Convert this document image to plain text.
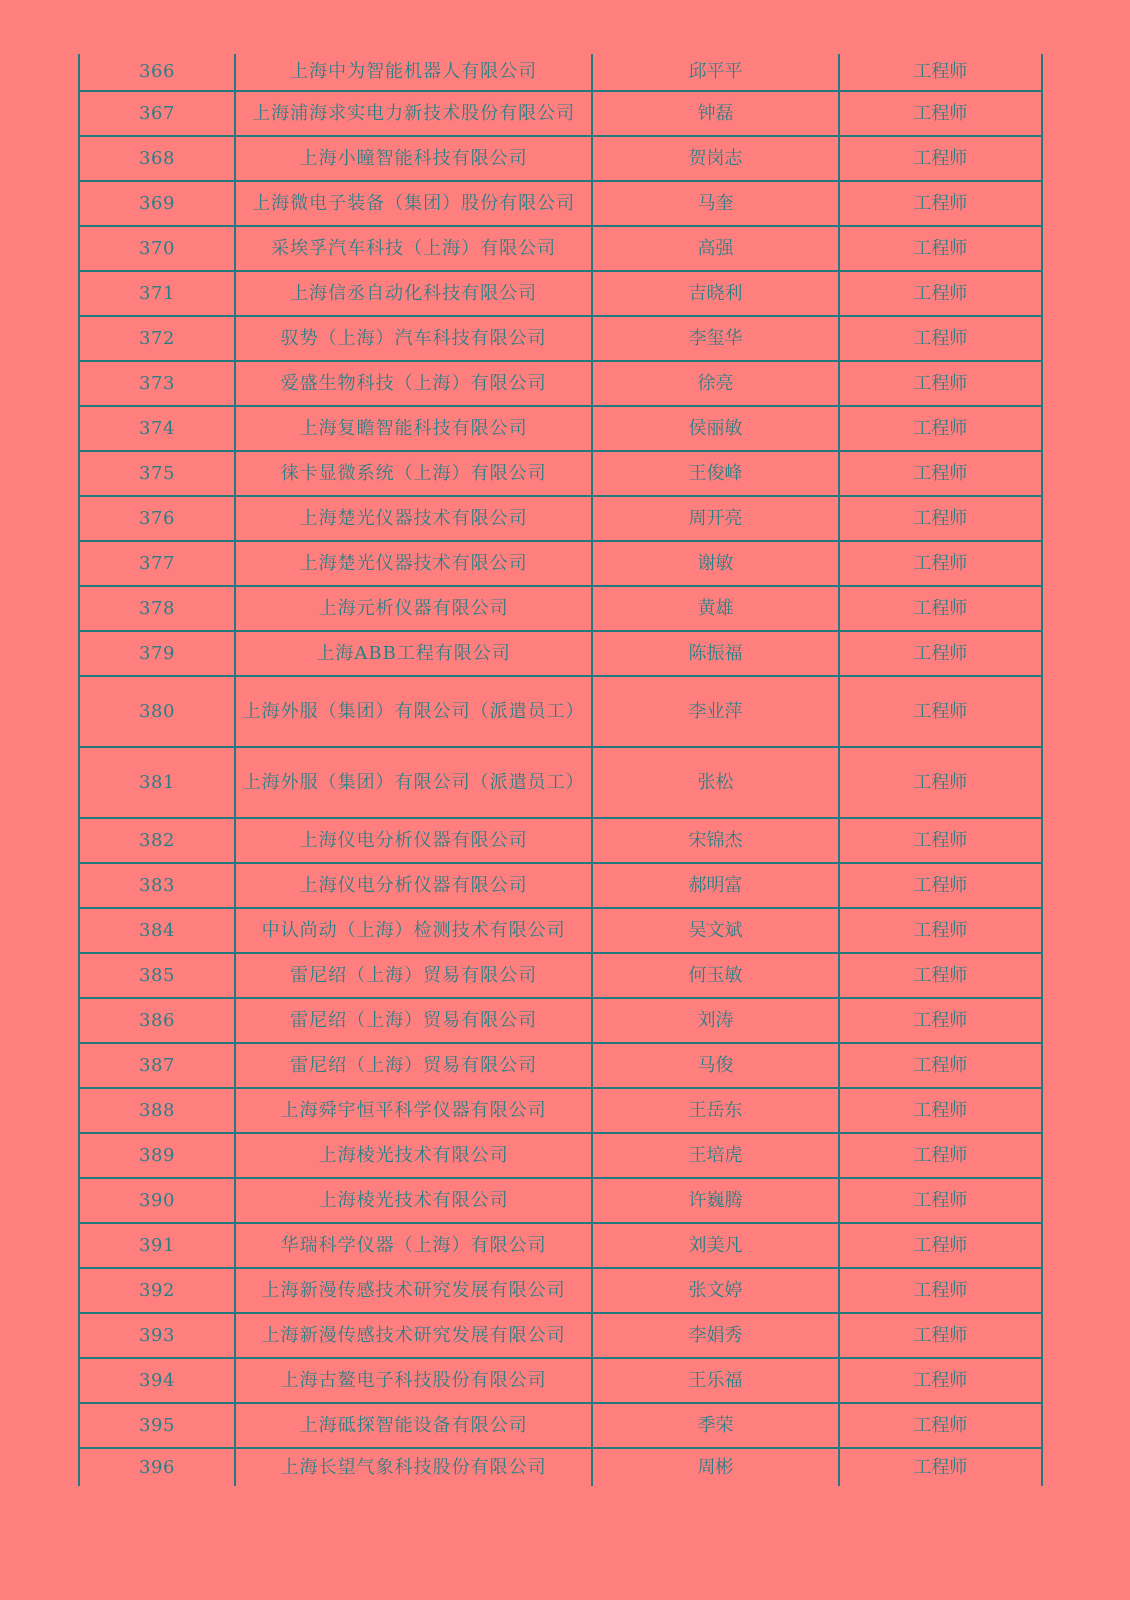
366	上海中为智能机器人有限公司	邱平平	工程师
367	上海浦海求实电力新技术股份有限公司	钟磊	工程师
368	上海小瞳智能科技有限公司	贺岗志	工程师
369	上海微电子装备（集团）股份有限公司	马奎	工程师
370	采埃孚汽车科技（上海）有限公司	高强	工程师
371	上海信丞自动化科技有限公司	吉晓利	工程师
372	驭势（上海）汽车科技有限公司	李玺华	工程师
373	爱盛生物科技（上海）有限公司	徐亮	工程师
374	上海复瞻智能科技有限公司	侯丽敏	工程师
375	徕卡显微系统（上海）有限公司	王俊峰	工程师
376	上海楚光仪器技术有限公司	周开亮	工程师
377	上海楚光仪器技术有限公司	谢敏	工程师
378	上海元析仪器有限公司	黄雄	工程师
379	上海ABB工程有限公司	陈振福	工程师
380	上海外服（集团）有限公司（派遣员工）	李业萍	工程师
381	上海外服（集团）有限公司（派遣员工）	张松	工程师
382	上海仪电分析仪器有限公司	宋锦杰	工程师
383	上海仪电分析仪器有限公司	郝明富	工程师
384	中认尚动（上海）检测技术有限公司	吴文斌	工程师
385	雷尼绍（上海）贸易有限公司	何玉敏	工程师
386	雷尼绍（上海）贸易有限公司	刘涛	工程师
387	雷尼绍（上海）贸易有限公司	马俊	工程师
388	上海舜宇恒平科学仪器有限公司	王岳东	工程师
389	上海棱光技术有限公司	王培虎	工程师
390	上海棱光技术有限公司	许巍腾	工程师
391	华瑞科学仪器（上海）有限公司	刘美凡	工程师
392	上海新漫传感技术研究发展有限公司	张文婷	工程师
393	上海新漫传感技术研究发展有限公司	李娟秀	工程师
394	上海古鳌电子科技股份有限公司	王乐福	工程师
395	上海砥探智能设备有限公司	季荣	工程师
396	上海长望气象科技股份有限公司	周彬	工程师
